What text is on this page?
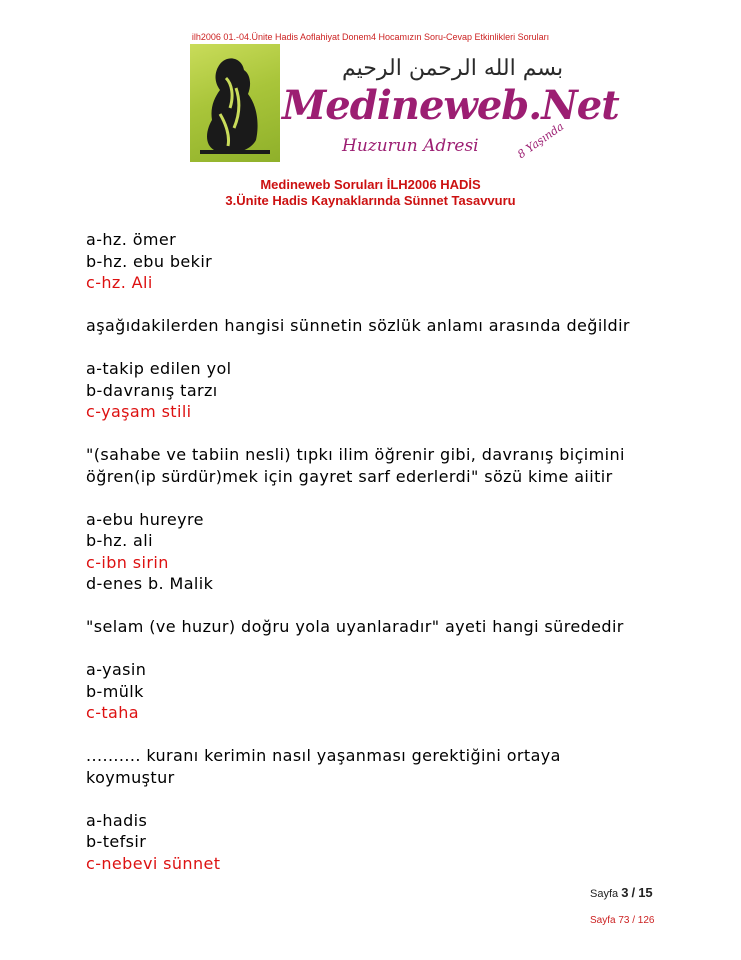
ilh2006 01.-04.Ünite Hadis Aoflahiyat Donem4 Hocamızın Soru-Cevap Etkinlikleri Soruları
بسم الله الرحمن الرحيم
Medineweb.Net
Huzurun Adresi	8 Yaşında
Medineweb Soruları İLH2006 HADİS
3.Ünite Hadis Kaynaklarında Sünnet Tasavvuru
a-hz. ömer
b-hz. ebu bekir
c-hz. Ali
aşağıdakilerden hangisi sünnetin sözlük anlamı arasında değildir
a-takip edilen yol
b-davranış tarzı
c-yaşam stili
"(sahabe ve tabiin nesli) tıpkı ilim öğrenir gibi, davranış biçimini
öğren(ip sürdür)mek için gayret sarf ederlerdi" sözü kime aiitir
a-ebu hureyre
b-hz. ali
c-ibn sirin
d-enes b. Malik
"selam (ve huzur) doğru yola uyanlaradır" ayeti hangi sürededir
a-yasin
b-mülk
c-taha
.......... kuranı kerimin nasıl yaşanması gerektiğini ortaya
koymuştur
a-hadis
b-tefsir
c-nebevi sünnet
Sayfa 3 / 15
Sayfa 73 / 126
